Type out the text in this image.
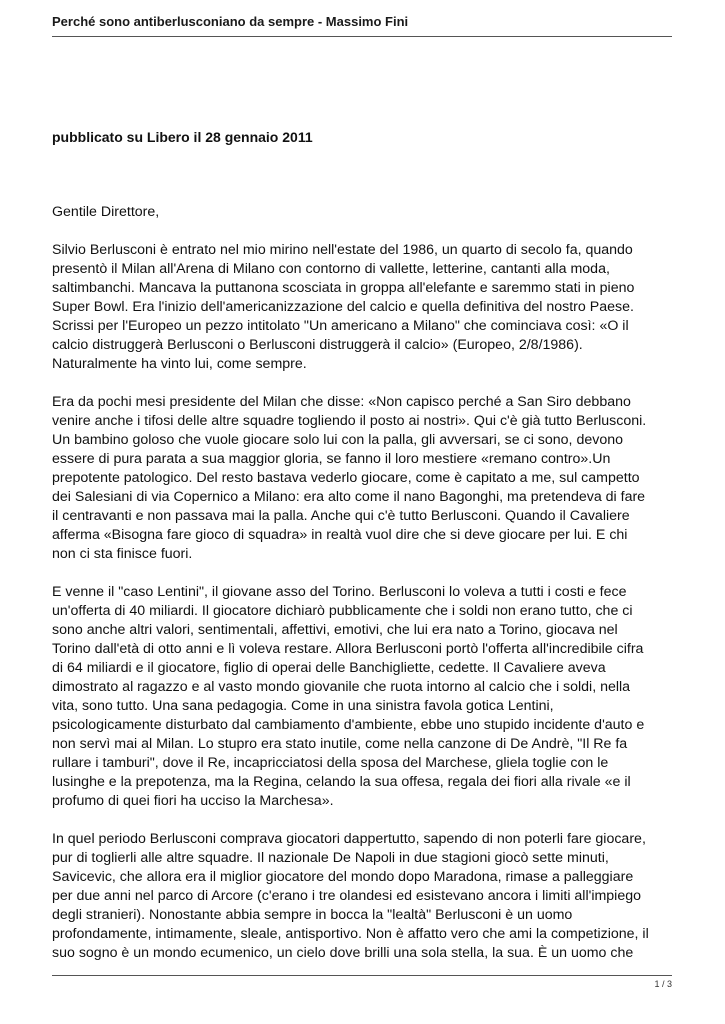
Perché sono antiberlusconiano da sempre - Massimo Fini
pubblicato su Libero il 28 gennaio 2011

Gentile Direttore,

Silvio Berlusconi è entrato nel mio mirino nell'estate del 1986, un quarto di secolo fa, quando
presentò il Milan all'Arena di Milano con contorno di vallette, letterine, cantanti alla moda,
saltimbanchi. Mancava la puttanona scosciata in groppa all'elefante e saremmo stati in pieno
Super Bowl. Era l'inizio dell'americanizzazione del calcio e quella definitiva del nostro Paese.
Scrissi per l'Europeo un pezzo intitolato "Un americano a Milano" che cominciava così: «O il
calcio distruggerà Berlusconi o Berlusconi distruggerà il calcio» (Europeo, 2/8/1986).
Naturalmente ha vinto lui, come sempre.

Era da pochi mesi presidente del Milan che disse: «Non capisco perché a San Siro debbano
venire anche i tifosi delle altre squadre togliendo il posto ai nostri». Qui c'è già tutto Berlusconi.
Un bambino goloso che vuole giocare solo lui con la palla, gli avversari, se ci sono, devono
essere di pura parata a sua maggior gloria, se fanno il loro mestiere «remano contro».Un
prepotente patologico. Del resto bastava vederlo giocare, come è capitato a me, sul campetto
dei Salesiani di via Copernico a Milano: era alto come il nano Bagonghi, ma pretendeva di fare
il centravanti e non passava mai la palla. Anche qui c'è tutto Berlusconi. Quando il Cavaliere
afferma «Bisogna fare gioco di squadra» in realtà vuol dire che si deve giocare per lui. E chi
non ci sta finisce fuori.

E venne il "caso Lentini", il giovane asso del Torino. Berlusconi lo voleva a tutti i costi e fece
un'offerta di 40 miliardi. Il giocatore dichiarò pubblicamente che i soldi non erano tutto, che ci
sono anche altri valori, sentimentali, affettivi, emotivi, che lui era nato a Torino, giocava nel
Torino dall'età di otto anni e lì voleva restare. Allora Berlusconi portò l'offerta all'incredibile cifra
di 64 miliardi e il giocatore, figlio di operai delle Banchigliette, cedette. Il Cavaliere aveva
dimostrato al ragazzo e al vasto mondo giovanile che ruota intorno al calcio che i soldi, nella
vita, sono tutto. Una sana pedagogia. Come in una sinistra favola gotica Lentini,
psicologicamente disturbato dal cambiamento d'ambiente, ebbe uno stupido incidente d'auto e
non servì mai al Milan. Lo stupro era stato inutile, come nella canzone di De Andrè, "Il Re fa
rullare i tamburi", dove il Re, incapricciatosi della sposa del Marchese, gliela toglie con le
lusinghe e la prepotenza, ma la Regina, celando la sua offesa, regala dei fiori alla rivale «e il
profumo di quei fiori ha ucciso la Marchesa».

In quel periodo Berlusconi comprava giocatori dappertutto, sapendo di non poterli fare giocare,
pur di toglierli alle altre squadre. Il nazionale De Napoli in due stagioni giocò sette minuti,
Savicevic, che allora era il miglior giocatore del mondo dopo Maradona, rimase a palleggiare
per due anni nel parco di Arcore (c'erano i tre olandesi ed esistevano ancora i limiti all'impiego
degli stranieri). Nonostante abbia sempre in bocca la "lealtà" Berlusconi è un uomo
profondamente, intimamente, sleale, antisportivo. Non è affatto vero che ami la competizione, il
suo sogno è un mondo ecumenico, un cielo dove brilli una sola stella, la sua. È un uomo che

1 / 3
